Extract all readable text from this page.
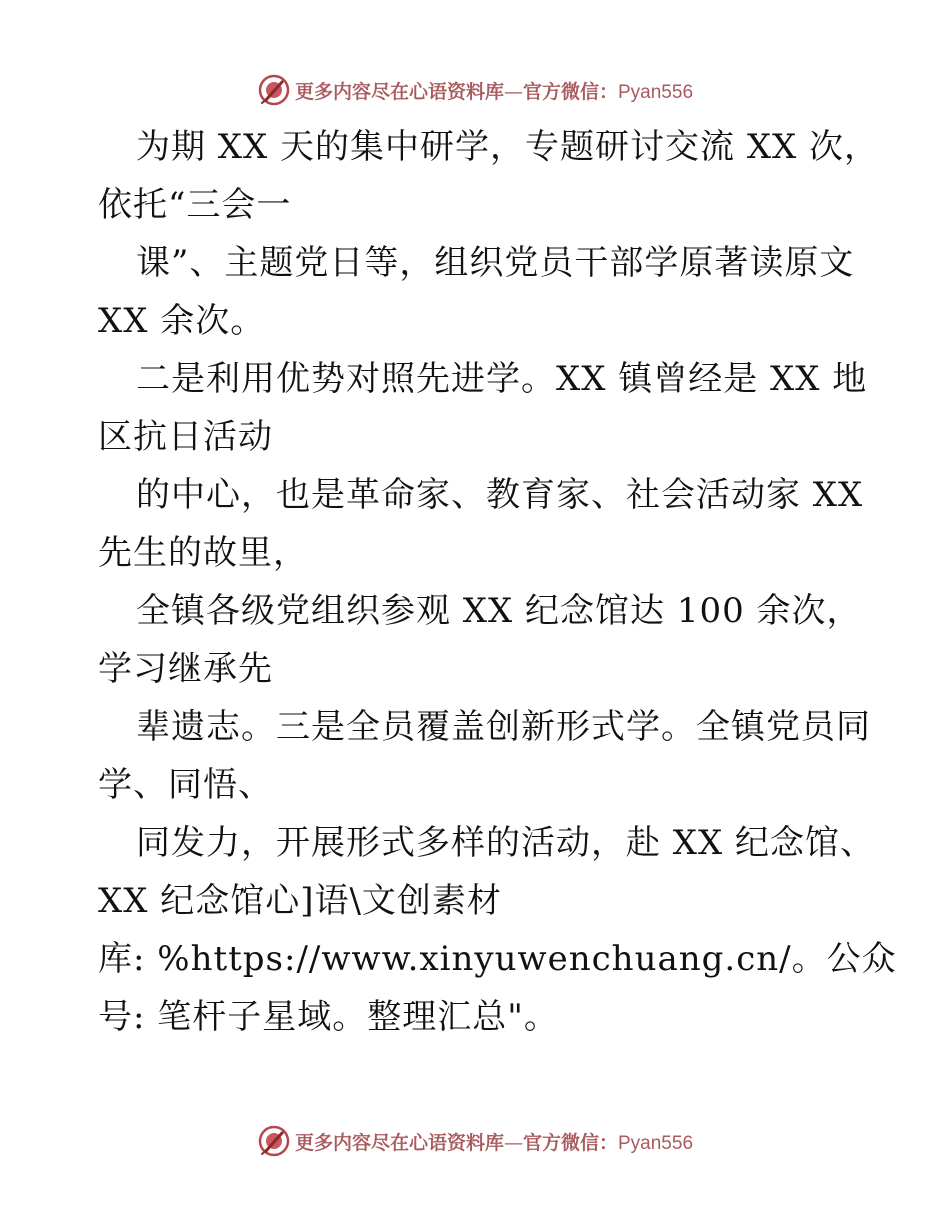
更多内容尽在心语资料库—官方微信：Pyan556
为期 XX 天的集中研学，专题研讨交流 XX 次，
依托“三会一
课”、主题党日等，组织党员干部学原著读原文
XX 余次。
二是利用优势对照先进学。XX 镇曾经是 XX 地
区抗日活动
的中心，也是革命家、教育家、社会活动家 XX
先生的故里，
全镇各级党组织参观 XX 纪念馆达 100 余次，
学习继承先
辈遗志。三是全员覆盖创新形式学。全镇党员同
学、同悟、
同发力，开展形式多样的活动，赴 XX 纪念馆、
XX 纪念馆心]语\文创素材
库: %https://www.xinyuwenchuang.cn/。公众
号: 笔杆子星域。整理汇总"。
更多内容尽在心语资料库—官方微信：Pyan556
